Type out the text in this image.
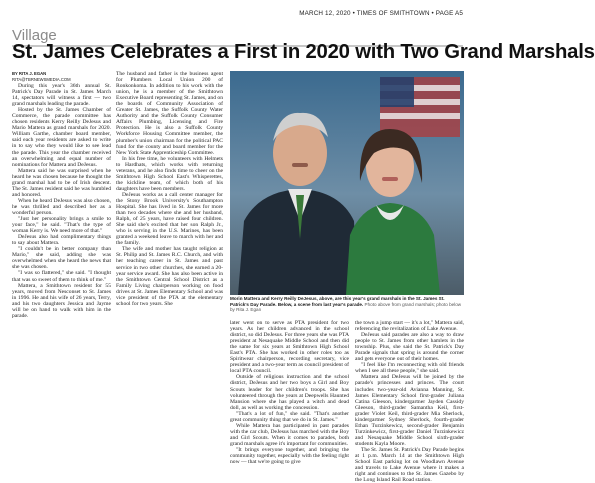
MARCH 12, 2020 • TIMES OF SMITHTOWN • PAGE A5
Village
St. James Celebrates a First in 2020 with Two Grand Marshals
BY RITA J. EGAN
RITA@TBRNEWSMEDIA.COM

During this year's 36th annual St. Patrick's Day Parade in St. James March 14, spectators will witness a first — two grand marshals leading the parade.

Hosted by the St. James Chamber of Commerce, the parade committee has chosen residents Kerry Reilly DeJesus and Mario Mattera as grand marshals for 2020. William Garthe, chamber board member, said each year residents are asked to write in to say who they would like to see lead the parade. This year the chamber received an overwhelming and equal number of nominations for Mattera and DeJesus.

Mattera said he was surprised when he heard he was chosen because he thought the grand marshal had to be of Irish descent. The St. James resident said he was humbled and honored.

When he heard DeJesus was also chosen, he was thrilled and described her as a wonderful person.

"Just her personality brings a smile to your face," he said. "That's the type of woman Kerry is. We need more of that."

DeJesus also had complimentary things to say about Mattera.

"I couldn't be in better company than Mario," she said, adding she was overwhelmed when she heard the news that she was chosen.

"I was so flattered," she said. "I thought that was so sweet of them to think of me."

Mattera, a Smithtown resident for 55 years, moved from Nesconset to St. James in 1996. He and his wife of 26 years, Terry, and his two daughters Jessica and Jayme will be on hand to walk with him in the parade.

The husband and father is the business agent for Plumbers Local Union 200 of Ronkonkoma. In addition to his work with the union, he is a member of the Smithtown Executive Board representing St. James, and on the boards of Community Association of Greater St. James, the Suffolk County Water Authority and the Suffolk County Consumer Affairs Plumbing, Licensing and Fire Protection. He is also a Suffolk County Workforce Housing Committee member, the plumber's union chairman for the political PAC fund for the county and board member for the New York State Apprenticeship Committee.

In his free time, he volunteers with Helmets to Hardhats, which works with returning veterans, and he also finds time to cheer on the Smithtown High School East's Whisperettes, the kickline team, of which both of his daughters have been members.

DeJesus works as a call center manager for the Stony Brook University's Southampton Hospital. She has lived in St. James for more than two decades where she and her husband, Ralph, of 25 years, have raised four children. She said she's excited that her son Ralph Jr., who is serving in the U.S. Marines, has been granted a weekend leave to march with her and the family.

The wife and mother has taught religion at St. Philip and St. James R.C. Church, and with her teaching career in St. James and past service in two other churches, she earned a 20-year service award. She has also been active in the Smithtown Central School District as a Family Living chairperson working on food drives at St. James Elementary School and was vice president of the PTA at the elementary school for two years. She

Morin Mattera and Kerry Reilly DeJesus, above, are this year's grand marshals in the St. James St. Patrick's Day Parade. Below, a scene from last year's parade. Photo above from grand marshals; photo below by Rita J. Egan

later went on to serve as PTA president for two years. As her children advanced in the school district, so did DeJesus. For three years she was PTA president at Nesaquake Middle School and then did the same for six years at Smithtown High School East's PTA. She has worked in other roles too as Spiritwear chairperson, recording secretary, vice president and a two-year term as council president of local PTA council.

Outside of religious instruction and the school district, DeJesus and her two boys a Girl and Boy Scouts leader for her children's troops. She has volunteered through the years at Deepwells Haunted Mansion where she has played a witch and dead doll, as well as working the concession.

"That's a lot of fun," she said. "That's another great community thing that we do in St. James."

While Mattera has participated in past parades with the car club, DeJesus has marched with the Boy and Girl Scouts. When it comes to parades, both grand marshals agree it's important for communities.

"It brings everyone together, and bringing the community together, especially with the feeling right now — that we're going to give

the town a jump start — it's a lot," Mattera said, referencing the revitalization of Lake Avenue.

DeJesus said parades are also a way to draw people to St. James from other hamlets in the township. Plus, she said the St. Patrick's Day Parade signals that spring is around the corner and gets everyone out of their homes.

"I feel like I'm reconnecting with old friends when I see all these people," she said.

Mattera and DeJesus will be joined by the parade's princesses and princes. The court includes two-year-old Avianna Manning, St. James Elementary School first-grader Juliana Catina Gleeson, kindergartner Jayden Cassidy Gleeson, third-grader Samantha Keil, first-grader Violet Keil, third-grader Mia Sherlock, kindergartner Sydney Sherlock, fourth-grader Ethan Turzinkewicz, second-grader Benjamin Turzinkewicz, first-grader Daniel Turzinkewicz and Nesaquake Middle School sixth-grader students Kayla Moore.

The St. James St. Patrick's Day Parade begins at 1 p.m. March 14 at the Smithtown High School East parking lot on Woodlawn Avenue and travels to Lake Avenue where it makes a right and continues to the St. James Gazebo by the Long Island Rail Road station.
